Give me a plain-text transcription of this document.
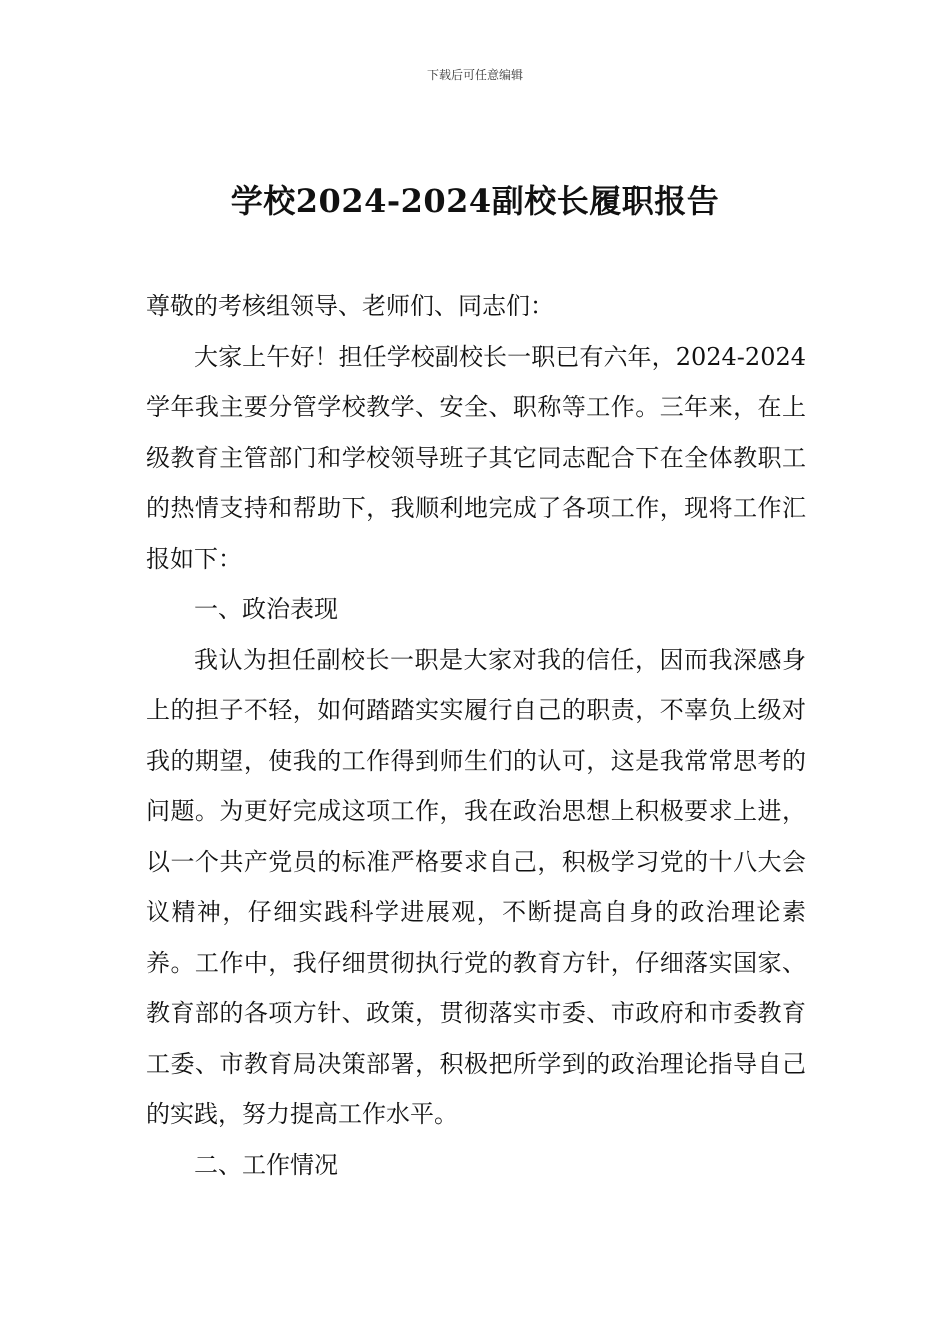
下载后可任意编辑
学校2024-2024副校长履职报告

尊敬的考核组领导、老师们、同志们：

大家上午好！担任学校副校长一职已有六年，2024-2024学年我主要分管学校教学、安全、职称等工作。三年来，在上级教育主管部门和学校领导班子其它同志配合下在全体教职工的热情支持和帮助下，我顺利地完成了各项工作，现将工作汇报如下：

一、政治表现

我认为担任副校长一职是大家对我的信任，因而我深感身上的担子不轻，如何踏踏实实履行自己的职责，不辜负上级对我的期望，使我的工作得到师生们的认可，这是我常常思考的问题。为更好完成这项工作，我在政治思想上积极要求上进，以一个共产党员的标准严格要求自己，积极学习党的十八大会议精神，仔细实践科学进展观，不断提高自身的政治理论素养。工作中，我仔细贯彻执行党的教育方针，仔细落实国家、教育部的各项方针、政策，贯彻落实市委、市政府和市委教育工委、市教育局决策部署，积极把所学到的政治理论指导自己的实践，努力提高工作水平。

二、工作情况
